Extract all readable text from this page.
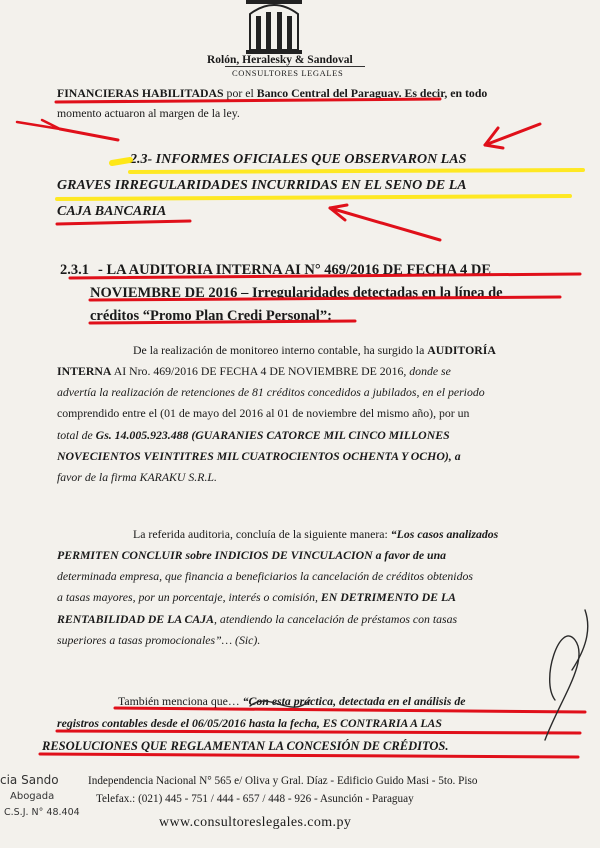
Rolón, Heralesky & Sandoval
CONSULTORES LEGALES
FINANCIERAS HABILITADAS por el Banco Central del Paraguay. Es decir, en todo
momento actuaron al margen de la ley.
2.3- INFORMES OFICIALES QUE OBSERVARON LAS
GRAVES IRREGULARIDADES INCURRIDAS EN EL SENO DE LA
CAJA BANCARIA
2.3.1 - LA AUDITORIA INTERNA AI N° 469/2016 DE FECHA 4 DE
NOVIEMBRE DE 2016 – Irregularidades detectadas en la línea de
créditos “Promo Plan Credi Personal”:
De la realización de monitoreo interno contable, ha surgido la AUDITORÍA
INTERNA AI Nro. 469/2016 DE FECHA 4 DE NOVIEMBRE DE 2016, donde se
advertía la realización de retenciones de 81 créditos concedidos a jubilados, en el periodo
comprendido entre el (01 de mayo del 2016 al 01 de noviembre del mismo año), por un
total de Gs. 14.005.923.488 (GUARANIES CATORCE MIL CINCO MILLONES
NOVECIENTOS VEINTITRES MIL CUATROCIENTOS OCHENTA Y OCHO), a
favor de la firma KARAKU S.R.L.
La referida auditoria, concluía de la siguiente manera: “Los casos analizados
PERMITEN CONCLUIR sobre INDICIOS DE VINCULACION a favor de una
determinada empresa, que financia a beneficiarios la cancelación de créditos obtenidos
a tasas mayores, por un porcentaje, interés o comisión, EN DETRIMENTO DE LA
RENTABILIDAD DE LA CAJA, atendiendo la cancelación de préstamos con tasas
superiores a tasas promocionales”… (Sic).
También menciona que… “Con esta práctica, detectada en el análisis de
registros contables desde el 06/05/2016 hasta la fecha, ES CONTRARIA A LAS
RESOLUCIONES QUE REGLAMENTAN LA CONCESIÓN DE CRÉDITOS.
Independencia Nacional N° 565 e/ Oliva y Gral. Díaz - Edificio Guido Masi - 5to. Piso
Telefax.: (021) 445 - 751 / 444 - 657 / 448 - 926 - Asunción - Paraguay
www.consultoreslegales.com.py
cia Sando
Abogada
C.S.J. N° 48.404
